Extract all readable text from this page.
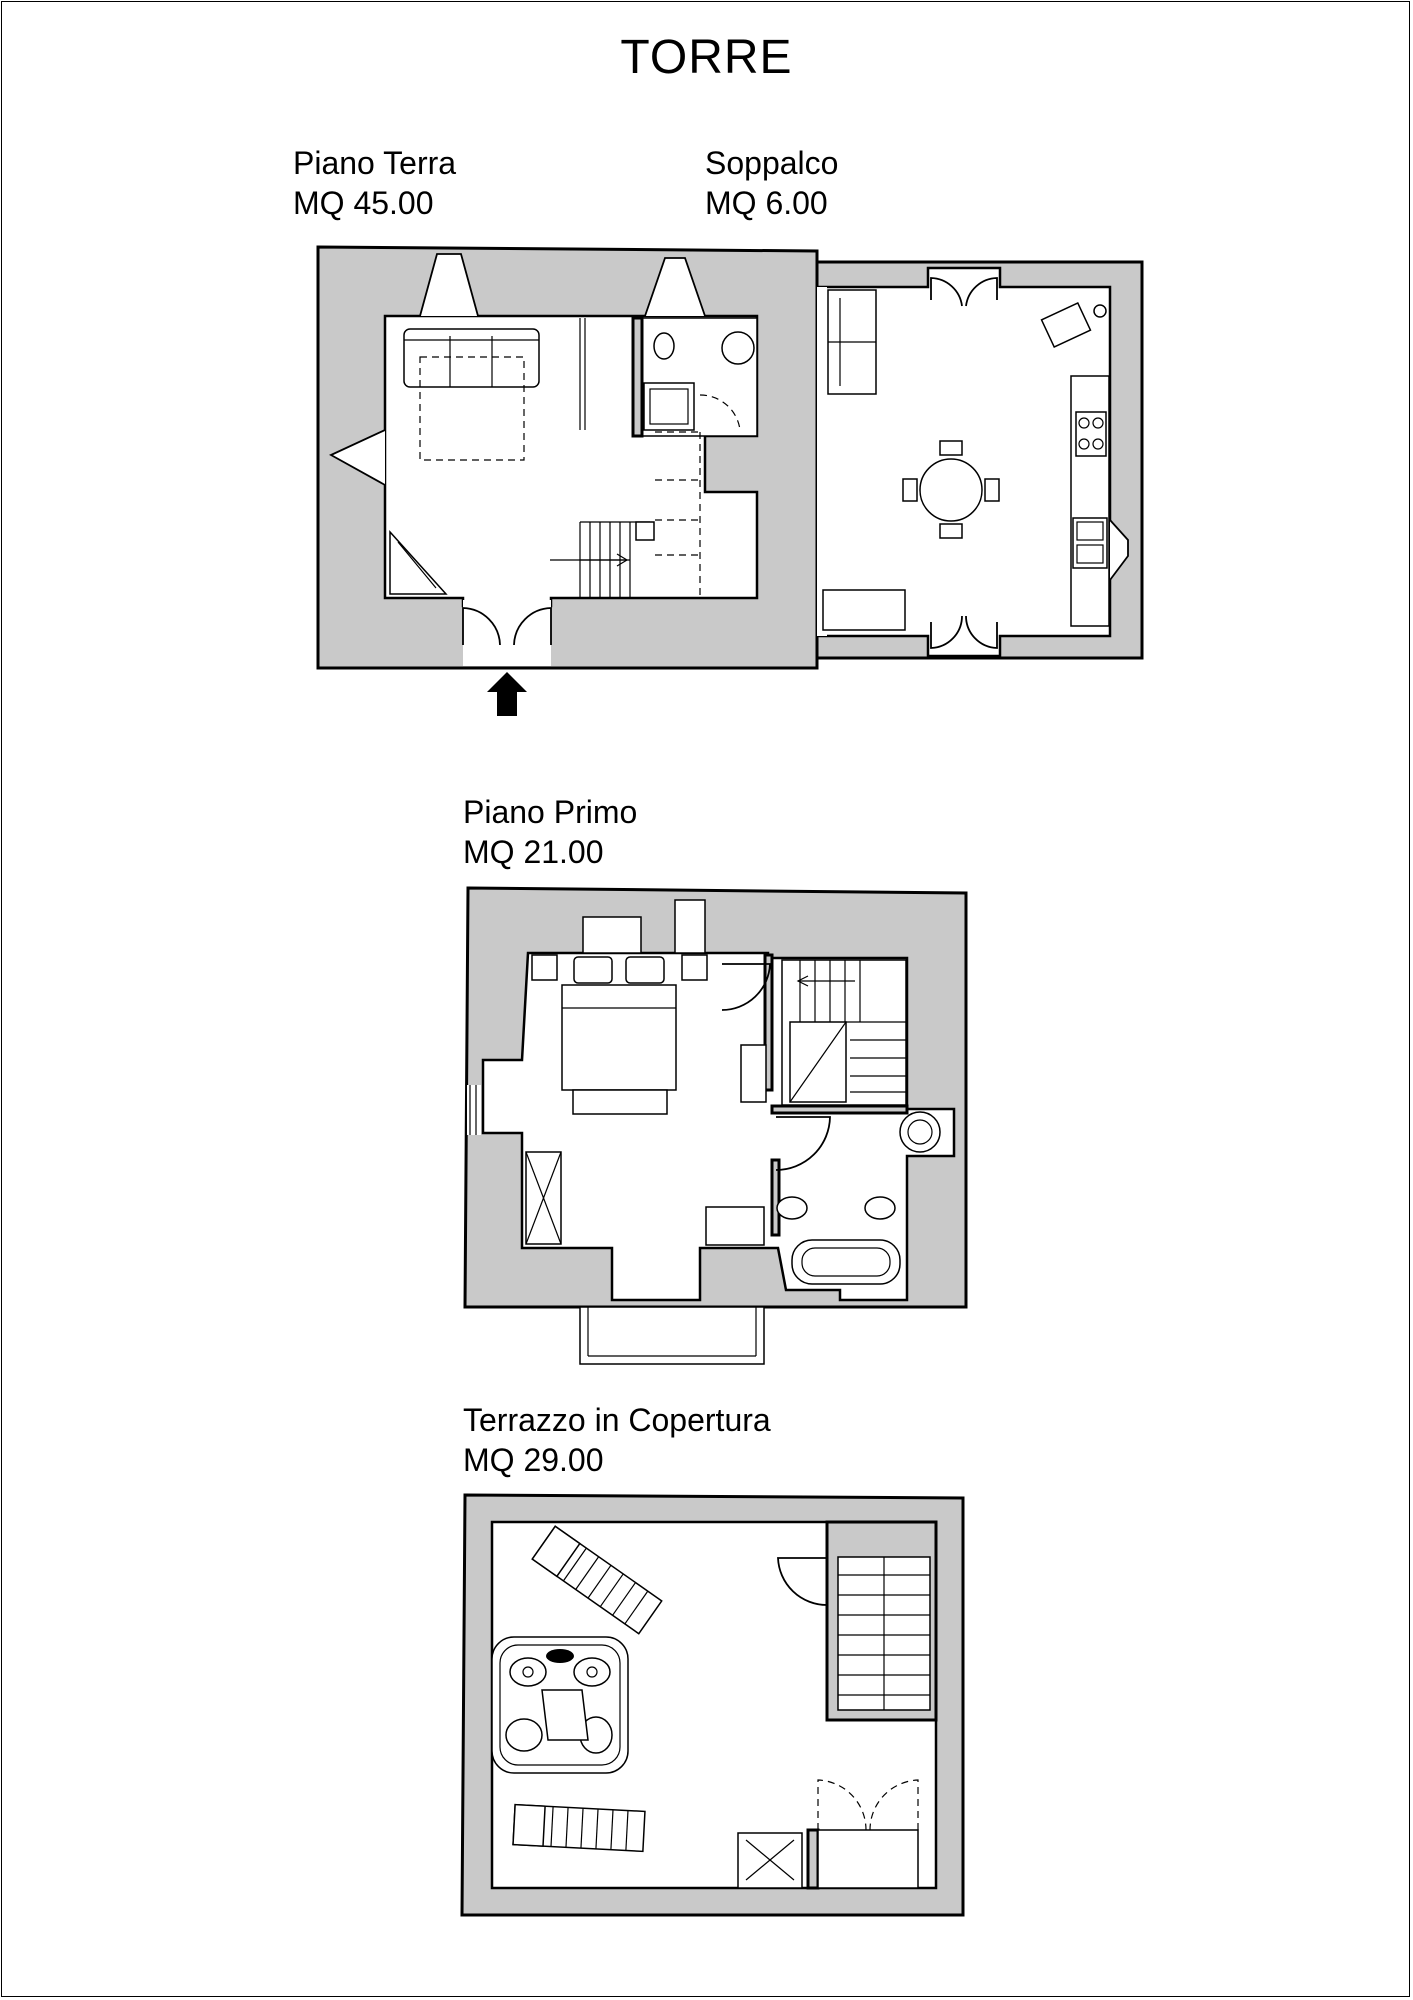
TORRE
Piano Terra
MQ 45.00
Soppalco
MQ 6.00
Piano Primo
MQ 21.00
Terrazzo in Copertura
MQ 29.00
